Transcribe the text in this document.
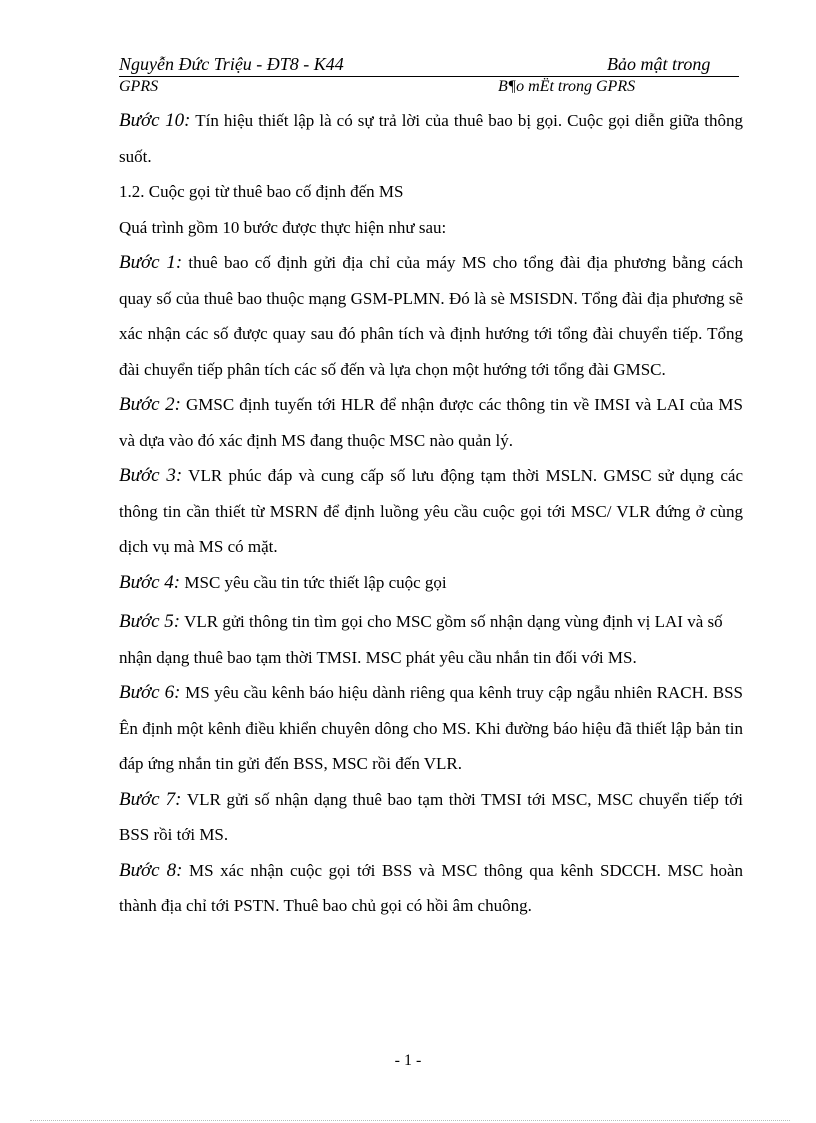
Nguyễn Đức Triệu - ĐT8 - K44	Bảo mật trong
GPRS	B¶o mËt trong GPRS

Bước 10: Tín hiệu thiết lập là có sự trả lời của thuê bao bị gọi. Cuộc gọi diễn giữa thông suốt.

1.2. Cuộc gọi từ thuê bao cố định đến MS

Quá trình gồm 10 bước được thực hiện như sau:

Bước 1: thuê bao cố định gửi địa chỉ của máy MS cho tổng đài địa phương bằng cách quay số của thuê bao thuộc mạng GSM-PLMN. Đó là sè MSISDN. Tổng đài địa phương sẽ xác nhận các số được quay sau đó phân tích và định hướng tới tổng đài chuyển tiếp. Tổng đài chuyển tiếp phân tích các số đến và lựa chọn một hướng tới tổng đài GMSC.

Bước 2: GMSC định tuyến tới HLR để nhận được các thông tin về IMSI và LAI của MS và dựa vào đó xác định MS đang thuộc MSC nào quản lý.

Bước 3: VLR phúc đáp và cung cấp số lưu động tạm thời MSLN. GMSC sử dụng các thông tin cần thiết từ MSRN để định luồng yêu cầu cuộc gọi tới MSC/ VLR đứng ở cùng dịch vụ mà MS có mặt.

Bước 4: MSC yêu cầu tin tức thiết lập cuộc gọi

Bước 5: VLR gửi thông tin tìm gọi cho MSC gồm số nhận dạng vùng định vị LAI và số nhận dạng thuê bao tạm thời TMSI. MSC phát yêu cầu nhắn tin đối với MS.

Bước 6: MS yêu cầu kênh báo hiệu dành riêng qua kênh truy cập ngẫu nhiên RACH. BSS Ên định một kênh điều khiển chuyên dông cho MS. Khi đường báo hiệu đã thiết lập bản tin đáp ứng nhắn tin gửi đến BSS, MSC rồi đến VLR.

Bước 7: VLR gửi số nhận dạng thuê bao tạm thời TMSI tới MSC, MSC chuyển tiếp tới BSS rồi tới MS.

Bước 8: MS xác nhận cuộc gọi tới BSS và MSC thông qua kênh SDCCH. MSC hoàn thành địa chỉ tới PSTN. Thuê bao chủ gọi có hồi âm chuông.

- 1 -
